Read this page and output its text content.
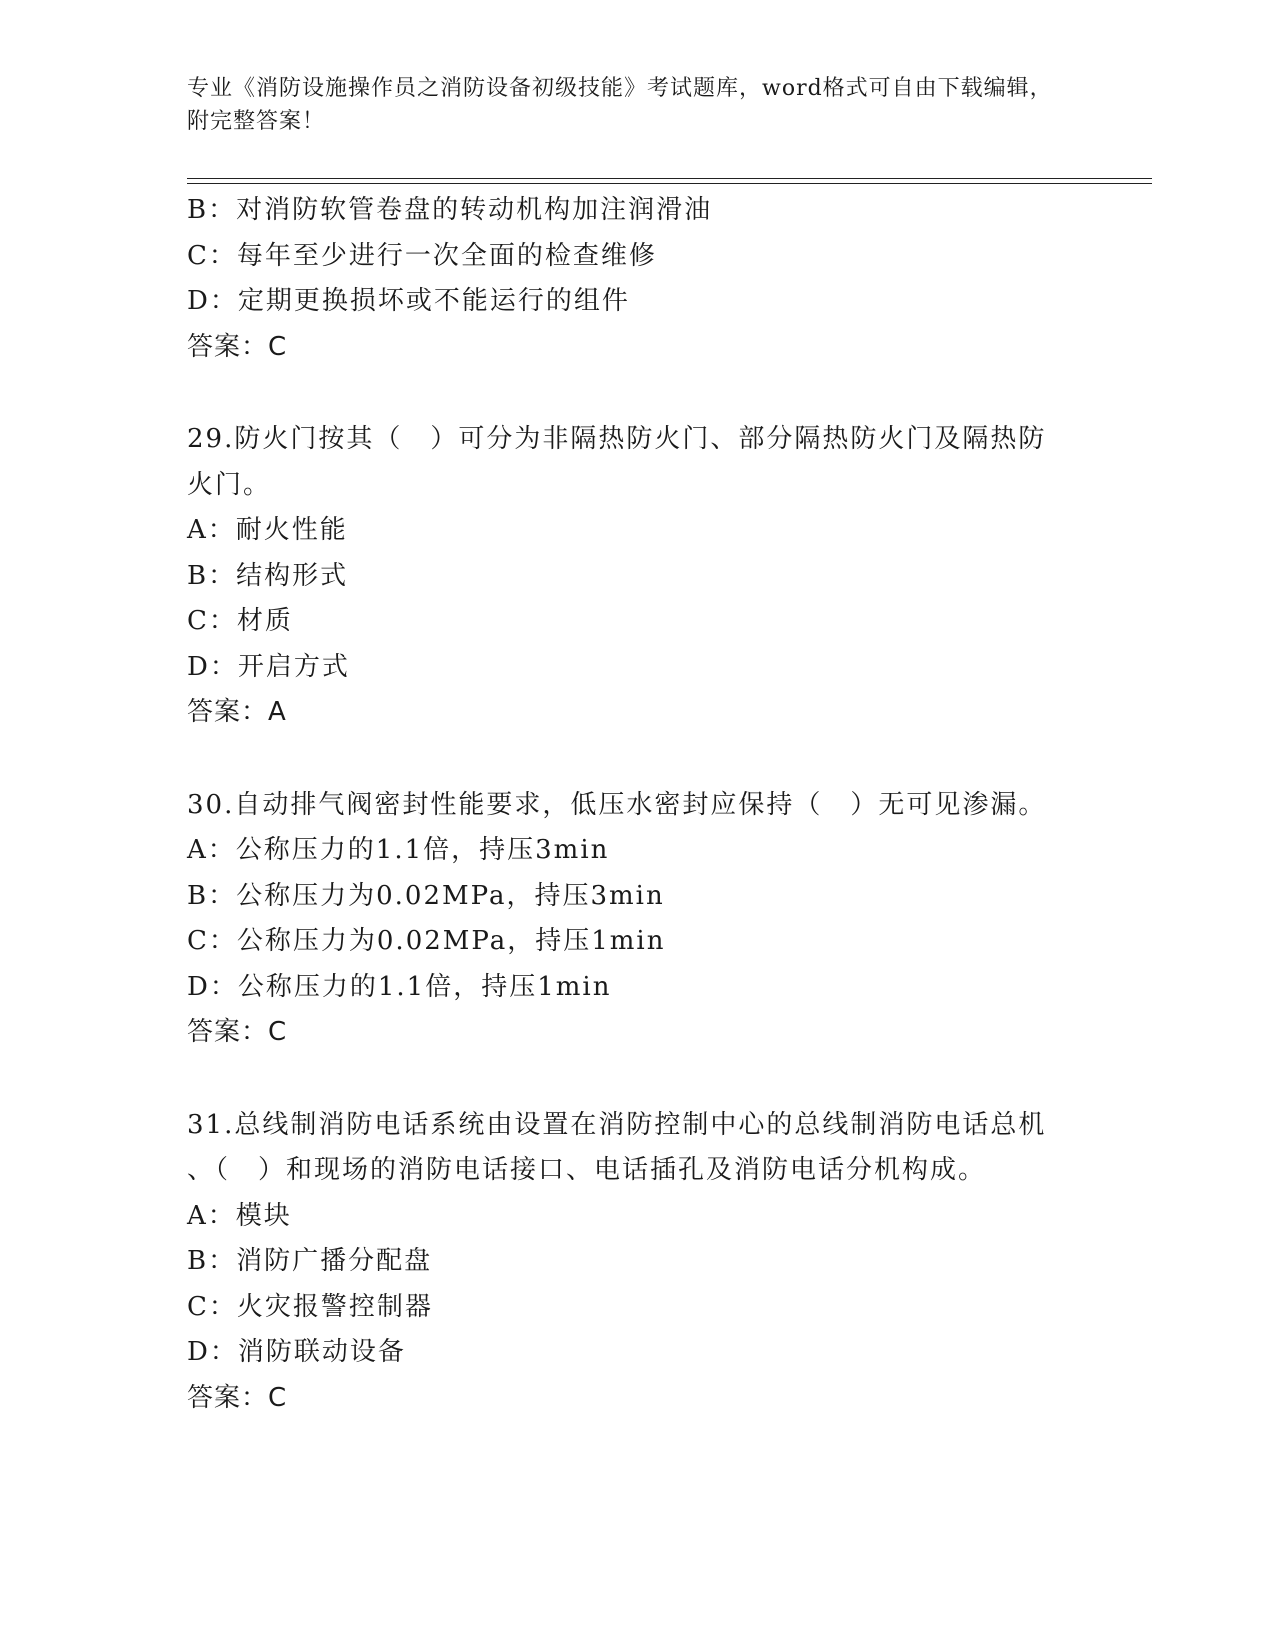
专业《消防设施操作员之消防设备初级技能》考试题库，word格式可自由下载编辑，附完整答案！
B：对消防软管卷盘的转动机构加注润滑油
C：每年至少进行一次全面的检查维修
D：定期更换损坏或不能运行的组件
答案：C
29.防火门按其（　）可分为非隔热防火门、部分隔热防火门及隔热防
火门。
A：耐火性能
B：结构形式
C：材质
D：开启方式
答案：A
30.自动排气阀密封性能要求，低压水密封应保持（　）无可见渗漏。
A：公称压力的1.1倍，持压3min
B：公称压力为0.02MPa，持压3min
C：公称压力为0.02MPa，持压1min
D：公称压力的1.1倍，持压1min
答案：C
31.总线制消防电话系统由设置在消防控制中心的总线制消防电话总机
、（　）和现场的消防电话接口、电话插孔及消防电话分机构成。
A：模块
B：消防广播分配盘
C：火灾报警控制器
D：消防联动设备
答案：C
